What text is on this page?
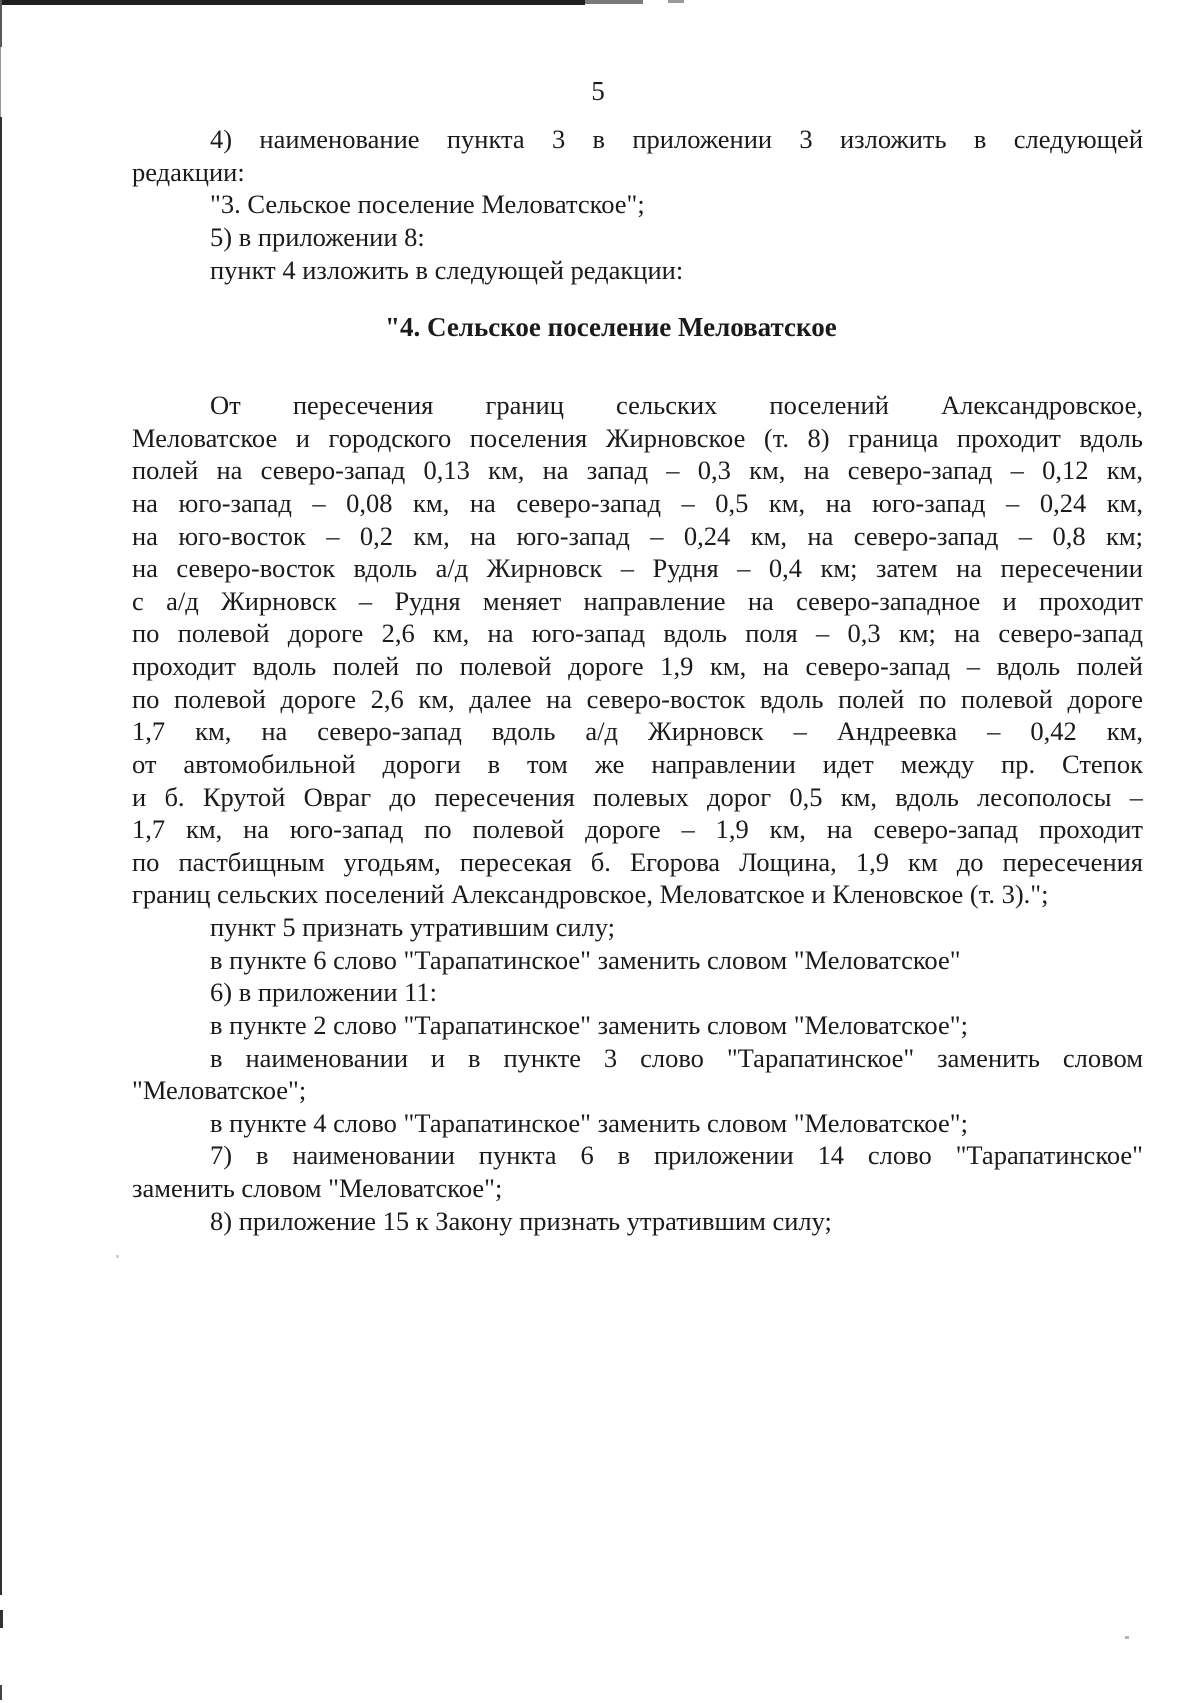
5
4) наименование пункта 3 в приложении 3 изложить в следующей
редакции:
"3. Сельское поселение Меловатское";
5) в приложении 8:
пункт 4 изложить в следующей редакции:
"4. Сельское поселение Меловатское
От пересечения границ сельских поселений Александровское,
Меловатское и городского поселения Жирновское (т. 8) граница проходит вдоль
полей на северо-запад 0,13 км, на запад – 0,3 км, на северо-запад – 0,12 км,
на юго-запад – 0,08 км, на северо-запад – 0,5 км, на юго-запад – 0,24 км,
на юго-восток – 0,2 км, на юго-запад – 0,24 км, на северо-запад – 0,8 км;
на северо-восток вдоль а/д Жирновск – Рудня – 0,4 км; затем на пересечении
с а/д Жирновск – Рудня меняет направление на северо-западное и проходит
по полевой дороге 2,6 км, на юго-запад вдоль поля – 0,3 км; на северо-запад
проходит вдоль полей по полевой дороге 1,9 км, на северо-запад – вдоль полей
по полевой дороге 2,6 км, далее на северо-восток вдоль полей по полевой дороге
1,7 км, на северо-запад вдоль а/д Жирновск – Андреевка – 0,42 км,
от автомобильной дороги в том же направлении идет между пр. Степок
и б. Крутой Овраг до пересечения полевых дорог 0,5 км, вдоль лесополосы –
1,7 км, на юго-запад по полевой дороге – 1,9 км, на северо-запад проходит
по пастбищным угодьям, пересекая б. Егорова Лощина, 1,9 км до пересечения
границ сельских поселений Александровское, Меловатское и Кленовское (т. 3).";
пункт 5 признать утратившим силу;
в пункте 6 слово "Тарапатинское" заменить словом "Меловатское"
6) в приложении 11:
в пункте 2 слово "Тарапатинское" заменить словом "Меловатское";
в наименовании и в пункте 3 слово "Тарапатинское" заменить словом
"Меловатское";
в пункте 4 слово "Тарапатинское" заменить словом "Меловатское";
7) в наименовании пункта 6 в приложении 14 слово "Тарапатинское"
заменить словом "Меловатское";
8) приложение 15 к Закону признать утратившим силу;
